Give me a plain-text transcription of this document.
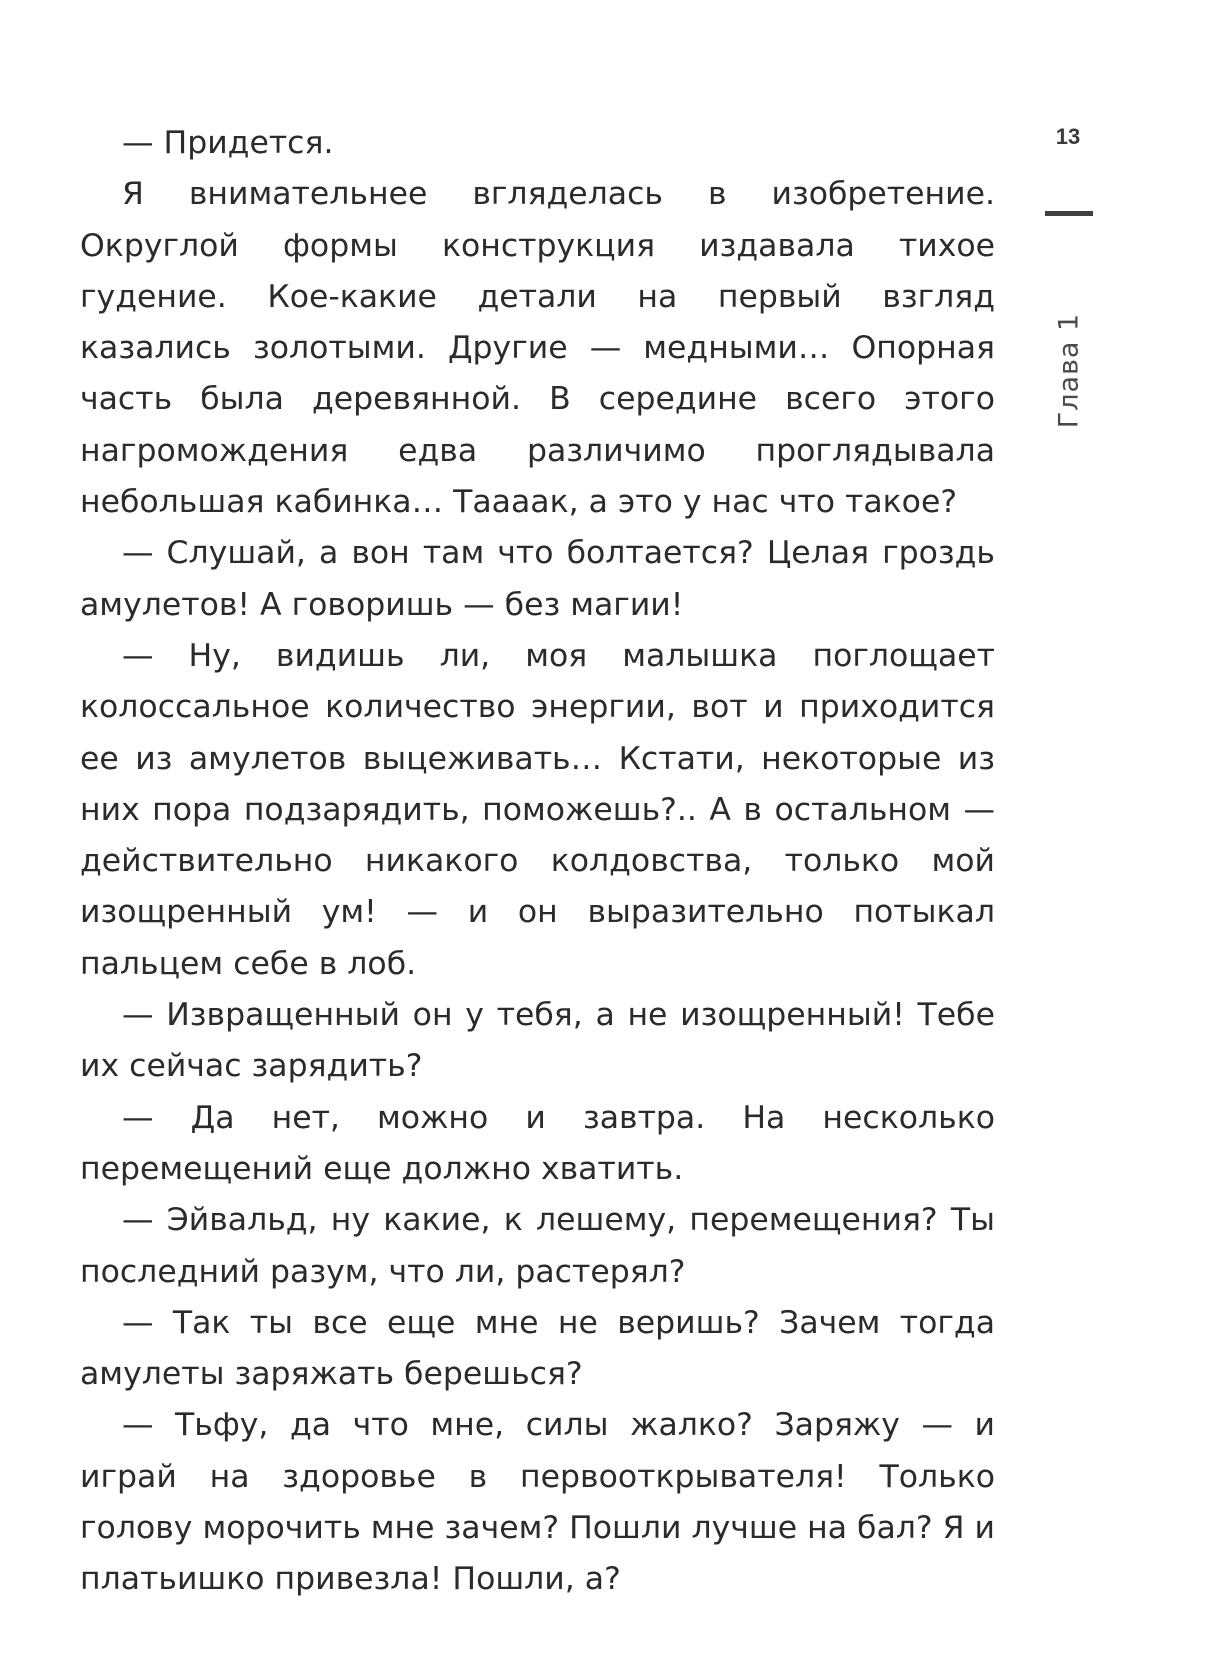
13
Глава 1

— Придется.

Я внимательнее вгляделась в изобретение. Округлой формы конструкция издавала тихое гудение. Кое-какие детали на первый взгляд казались золотыми. Другие — медными… Опорная часть была деревянной. В середине всего этого нагромождения едва различимо проглядывала небольшая кабинка… Таааак, а это у нас что такое?

— Слушай, а вон там что болтается? Целая гроздь амулетов! А говоришь — без магии!

— Ну, видишь ли, моя малышка поглощает колоссальное количество энергии, вот и приходится ее из амулетов выцеживать… Кстати, некоторые из них пора подзарядить, поможешь?.. А в остальном — действительно никакого колдовства, только мой изощренный ум! — и он выразительно потыкал пальцем себе в лоб.

— Извращенный он у тебя, а не изощренный! Тебе их сейчас зарядить?

— Да нет, можно и завтра. На несколько перемещений еще должно хватить.

— Эйвальд, ну какие, к лешему, перемещения? Ты последний разум, что ли, растерял?

— Так ты все еще мне не веришь? Зачем тогда амулеты заряжать берешься?

— Тьфу, да что мне, силы жалко? Заряжу — и играй на здоровье в первооткрывателя! Только голову морочить мне зачем? Пошли лучше на бал? Я и платьишко привезла! Пошли, а?
